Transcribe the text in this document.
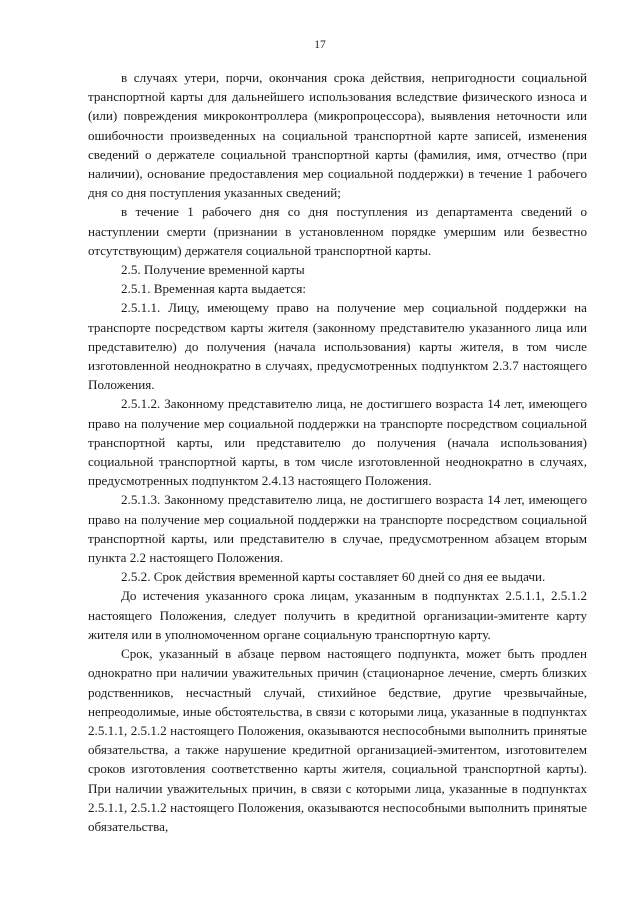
17

в случаях утери, порчи, окончания срока действия, непригодности социальной транспортной карты для дальнейшего использования вследствие физического износа и (или) повреждения микроконтроллера (микропроцессора), выявления неточности или ошибочности произведенных на социальной транспортной карте записей, изменения сведений о держателе социальной транспортной карты (фамилия, имя, отчество (при наличии), основание предоставления мер социальной поддержки) в течение 1 рабочего дня со дня поступления указанных сведений;

в течение 1 рабочего дня со дня поступления из департамента сведений о наступлении смерти (признании в установленном порядке умершим или безвестно отсутствующим) держателя социальной транспортной карты.

2.5. Получение временной карты

2.5.1. Временная карта выдается:

2.5.1.1. Лицу, имеющему право на получение мер социальной поддержки на транспорте посредством карты жителя (законному представителю указанного лица или представителю) до получения (начала использования) карты жителя, в том числе изготовленной неоднократно в случаях, предусмотренных подпунктом 2.3.7 настоящего Положения.

2.5.1.2. Законному представителю лица, не достигшего возраста 14 лет, имеющего право на получение мер социальной поддержки на транспорте посредством социальной транспортной карты, или представителю до получения (начала использования) социальной транспортной карты, в том числе изготовленной неоднократно в случаях, предусмотренных подпунктом 2.4.13 настоящего Положения.

2.5.1.3. Законному представителю лица, не достигшего возраста 14 лет, имеющего право на получение мер социальной поддержки на транспорте посредством социальной транспортной карты, или представителю в случае, предусмотренном абзацем вторым пункта 2.2 настоящего Положения.

2.5.2. Срок действия временной карты составляет 60 дней со дня ее выдачи.

До истечения указанного срока лицам, указанным в подпунктах 2.5.1.1, 2.5.1.2 настоящего Положения, следует получить в кредитной организации-эмитенте карту жителя или в уполномоченном органе социальную транспортную карту.

Срок, указанный в абзаце первом настоящего подпункта, может быть продлен однократно при наличии уважительных причин (стационарное лечение, смерть близких родственников, несчастный случай, стихийное бедствие, другие чрезвычайные, непреодолимые, иные обстоятельства, в связи с которыми лица, указанные в подпунктах 2.5.1.1, 2.5.1.2 настоящего Положения, оказываются неспособными выполнить принятые обязательства, а также нарушение кредитной организацией-эмитентом, изготовителем сроков изготовления соответственно карты жителя, социальной транспортной карты). При наличии уважительных причин, в связи с которыми лица, указанные в подпунктах 2.5.1.1, 2.5.1.2 настоящего Положения, оказываются неспособными выполнить принятые обязательства,
